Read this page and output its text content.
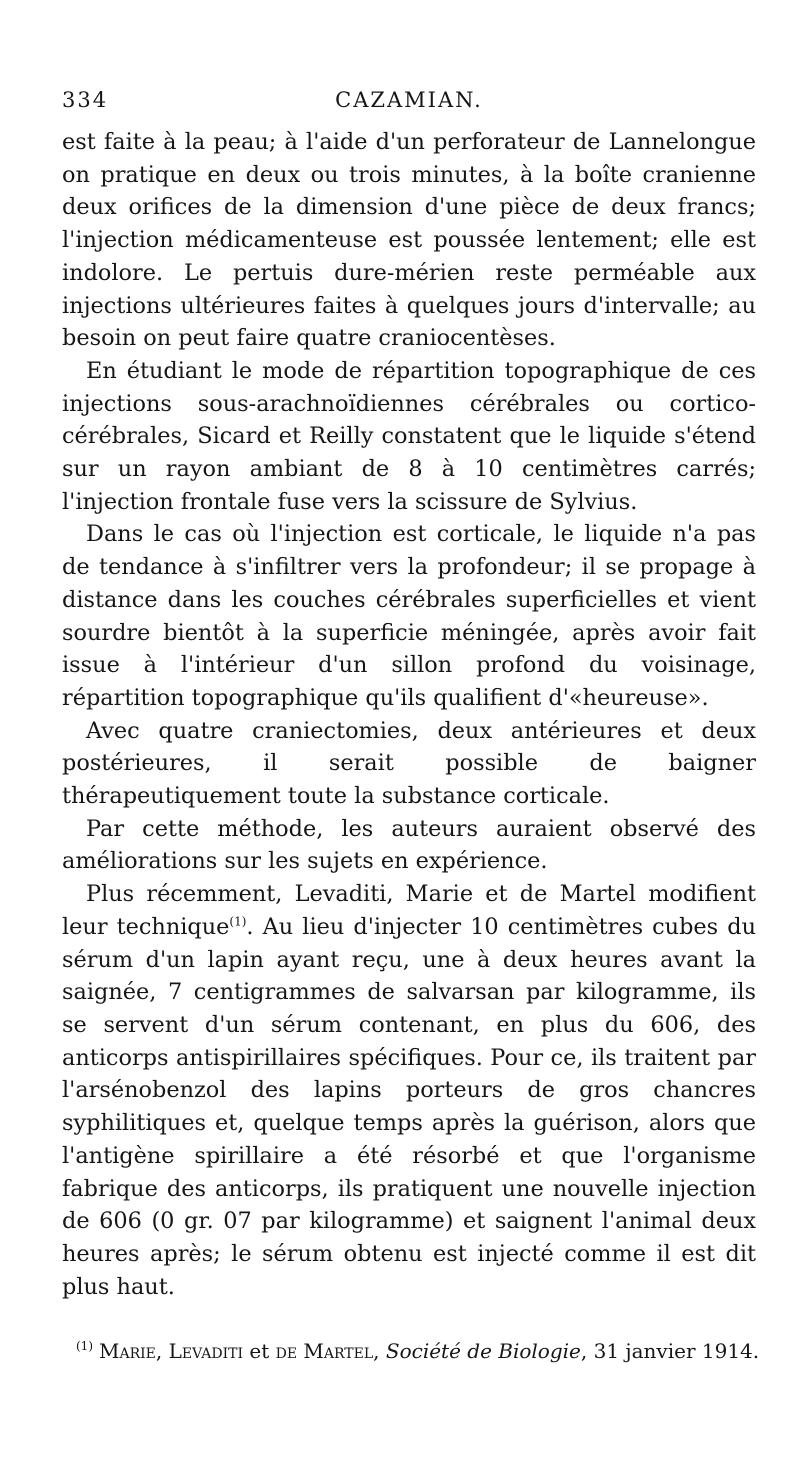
334	CAZAMIAN.

est faite à la peau; à l'aide d'un perforateur de Lannelongue on pratique en deux ou trois minutes, à la boîte cranienne deux orifices de la dimension d'une pièce de deux francs; l'injection médicamenteuse est poussée lentement; elle est indolore. Le pertuis dure-mérien reste perméable aux injections ultérieures faites à quelques jours d'intervalle; au besoin on peut faire quatre craniocentèses.

En étudiant le mode de répartition topographique de ces injections sous-arachnoïdiennes cérébrales ou cortico-cérébrales, Sicard et Reilly constatent que le liquide s'étend sur un rayon ambiant de 8 à 10 centimètres carrés; l'injection frontale fuse vers la scissure de Sylvius.

Dans le cas où l'injection est corticale, le liquide n'a pas de tendance à s'infiltrer vers la profondeur; il se propage à distance dans les couches cérébrales superficielles et vient sourdre bientôt à la superficie méningée, après avoir fait issue à l'intérieur d'un sillon profond du voisinage, répartition topographique qu'ils qualifient d'«heureuse».

Avec quatre craniectomies, deux antérieures et deux postérieures, il serait possible de baigner thérapeutiquement toute la substance corticale.

Par cette méthode, les auteurs auraient observé des améliorations sur les sujets en expérience.

Plus récemment, Levaditi, Marie et de Martel modifient leur technique$^{(1)}$. Au lieu d'injecter 10 centimètres cubes du sérum d'un lapin ayant reçu, une à deux heures avant la saignée, 7 centigrammes de salvarsan par kilogramme, ils se servent d'un sérum contenant, en plus du 606, des anticorps antispirillaires spécifiques. Pour ce, ils traitent par l'arsénobenzol des lapins porteurs de gros chancres syphilitiques et, quelque temps après la guérison, alors que l'antigène spirillaire a été résorbé et que l'organisme fabrique des anticorps, ils pratiquent une nouvelle injection de 606 (0 gr. 07 par kilogramme) et saignent l'animal deux heures après; le sérum obtenu est injecté comme il est dit plus haut.

$^{(1)}$ Marie, Levaditi et de Martel, Société de Biologie, 31 janvier 1914.
